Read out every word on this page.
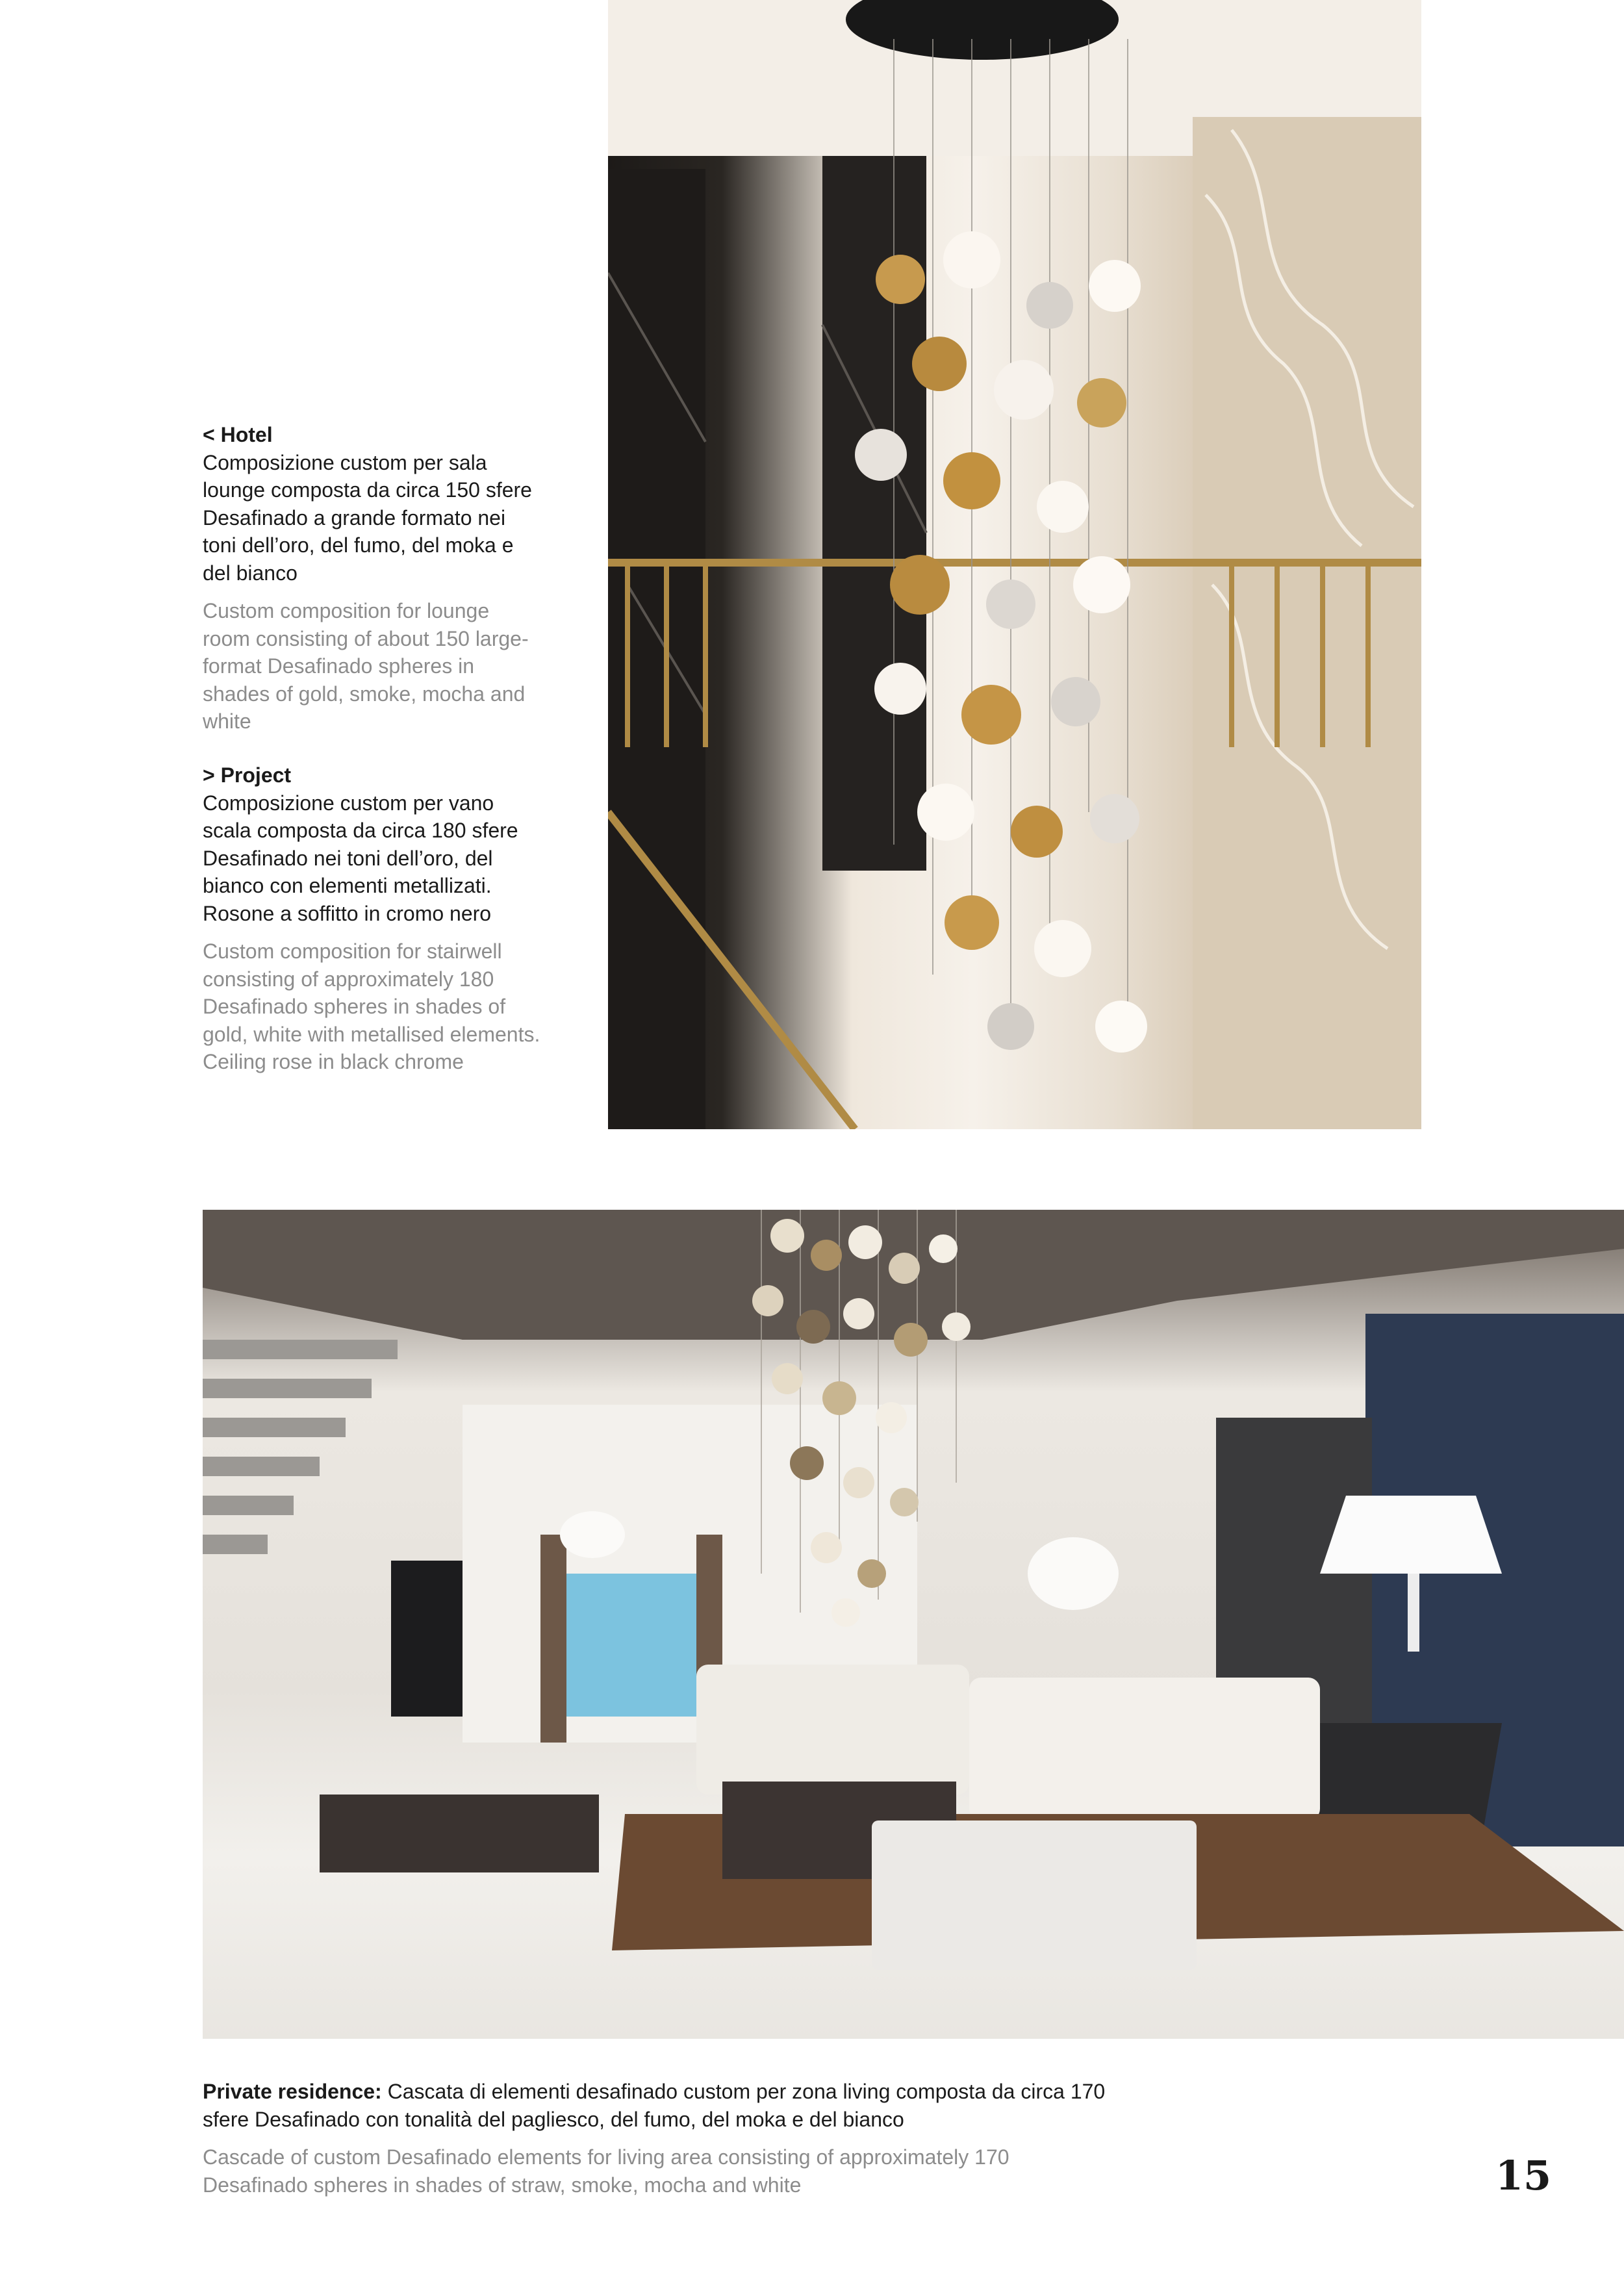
< Hotel
Composizione custom per sala lounge composta da circa 150 sfere Desafinado a grande formato nei toni dell’oro, del fumo, del moka e del bianco
Custom composition for lounge room consisting of about 150 large-format Desafinado spheres in shades of gold, smoke, mocha and white
> Project
Composizione custom per vano scala composta da circa 180 sfere Desafinado nei toni dell’oro, del bianco con elementi metallizati. Rosone a soffitto in cromo nero
Custom composition for stairwell consisting of approximately 180 Desafinado spheres in shades of gold, white with metallised elements. Ceiling rose in black chrome
Private residence: Cascata di elementi desafinado custom per zona living composta da circa 170 sfere Desafinado con tonalità del pagliesco, del fumo, del moka e del bianco
Cascade of custom Desafinado elements for living area consisting of approximately 170 Desafinado spheres in shades of straw, smoke, mocha and white	15
